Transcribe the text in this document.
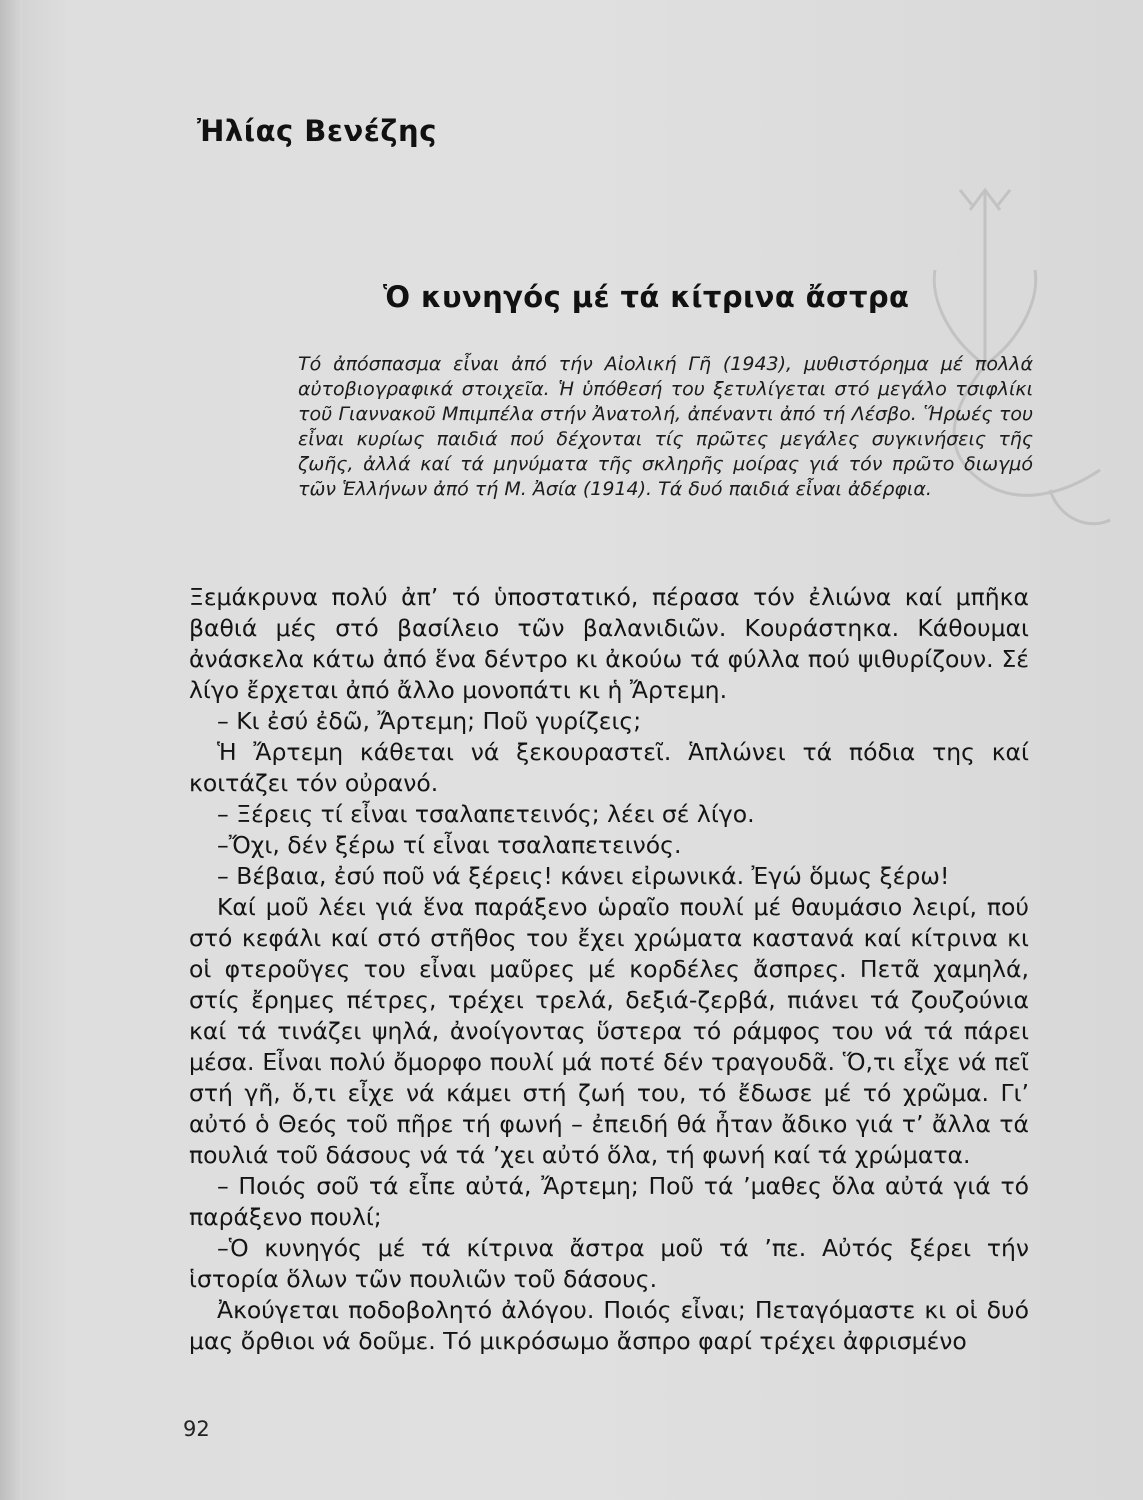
Ἠλίας Βενέζης
Ὁ κυνηγός μέ τά κίτρινα ἄστρα

Τό ἀπόσπασμα εἶναι ἀπό τήν Αἰολική Γῆ (1943), μυθιστόρημα μέ πολλά αὐτοβιογραφικά στοιχεῖα. Ἡ ὑπόθεσή του ξετυλίγεται στό μεγάλο τσιφλίκι τοῦ Γιαννακοῦ Μπιμπέλα στήν Ἀνατολή, ἀπέναντι ἀπό τή Λέσβο. Ἥρωές του εἶναι κυρίως παιδιά πού δέχονται τίς πρῶτες μεγάλες συγκινήσεις τῆς ζωῆς, ἀλλά καί τά μηνύματα τῆς σκληρῆς μοίρας γιά τόν πρῶτο διωγμό τῶν Ἑλλήνων ἀπό τή Μ. Ἀσία (1914). Τά δυό παιδιά εἶναι ἀδέρφια.

Ξεμάκρυνα πολύ ἀπ’ τό ὑποστατικό, πέρασα τόν ἐλιώνα καί μπῆκα βαθιά μές στό βασίλειο τῶν βαλανιδιῶν. Κουράστηκα. Κάθουμαι ἀνάσκελα κάτω ἀπό ἕνα δέντρο κι ἀκούω τά φύλλα πού ψιθυρίζουν. Σέ λίγο ἔρχεται ἀπό ἄλλο μονοπάτι κι ἡ Ἄρτεμη.

– Κι ἐσύ ἐδῶ, Ἄρτεμη; Ποῦ γυρίζεις;

Ἡ Ἄρτεμη κάθεται νά ξεκουραστεῖ. Ἁπλώνει τά πόδια της καί κοιτάζει τόν οὐρανό.

– Ξέρεις τί εἶναι τσαλαπετεινός; λέει σέ λίγο.

–Ὄχι, δέν ξέρω τί εἶναι τσαλαπετεινός.

– Βέβαια, ἐσύ ποῦ νά ξέρεις! κάνει εἰρωνικά. Ἐγώ ὅμως ξέρω!

Καί μοῦ λέει γιά ἕνα παράξενο ὡραῖο πουλί μέ θαυμάσιο λειρί, πού στό κεφάλι καί στό στῆθος του ἔχει χρώματα καστανά καί κίτρινα κι οἱ φτεροῦγες του εἶναι μαῦρες μέ κορδέλες ἄσπρες. Πετᾶ χαμηλά, στίς ἔρημες πέτρες, τρέχει τρελά, δεξιά-ζερβά, πιάνει τά ζουζούνια καί τά τινάζει ψηλά, ἀνοίγοντας ὕστερα τό ράμφος του νά τά πάρει μέσα. Εἶναι πολύ ὄμορφο πουλί μά ποτέ δέν τραγουδᾶ. Ὅ,τι εἶχε νά πεῖ στή γῆ, ὅ,τι εἶχε νά κάμει στή ζωή του, τό ἔδωσε μέ τό χρῶμα. Γι’ αὐτό ὁ Θεός τοῦ πῆρε τή φωνή – ἐπειδή θά ἦταν ἄδικο γιά τ’ ἄλλα τά πουλιά τοῦ δάσους νά τά ’χει αὐτό ὅλα, τή φωνή καί τά χρώματα.

– Ποιός σοῦ τά εἶπε αὐτά, Ἄρτεμη; Ποῦ τά ’μαθες ὅλα αὐτά γιά τό παράξενο πουλί;

–Ὁ κυνηγός μέ τά κίτρινα ἄστρα μοῦ τά ’πε. Αὐτός ξέρει τήν ἱστορία ὅλων τῶν πουλιῶν τοῦ δάσους.

Ἀκούγεται ποδοβολητό ἀλόγου. Ποιός εἶναι; Πεταγόμαστε κι οἱ δυό μας ὄρθιοι νά δοῦμε. Τό μικρόσωμο ἄσπρο φαρί τρέχει ἀφρισμένο

92
